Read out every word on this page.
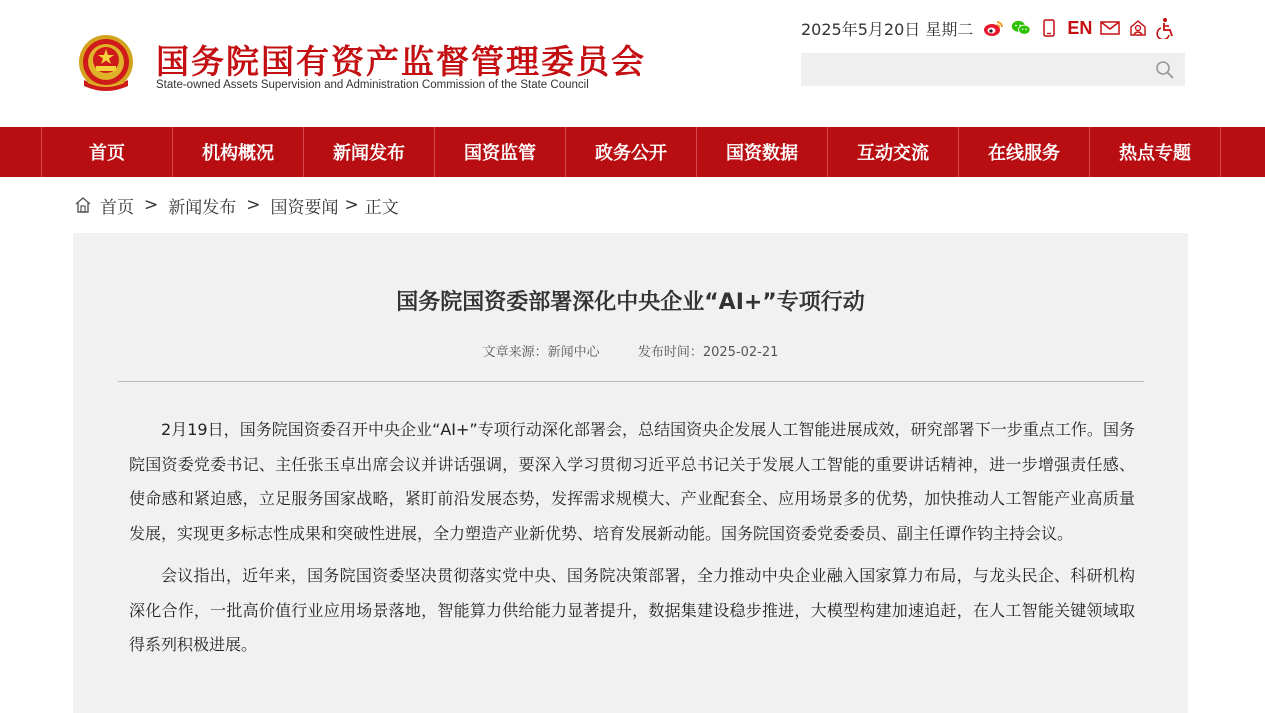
国务院国有资产监督管理委员会
State-owned Assets Supervision and Administration Commission of the State Council
2025年5月20日 星期二	EN
首页	机构概况	新闻发布	国资监管	政务公开	国资数据	互动交流	在线服务	热点专题
首页 > 新闻发布 > 国资要闻 > 正文
国务院国资委部署深化中央企业“AI+”专项行动
文章来源：新闻中心	发布时间：2025-02-21

2月19日，国务院国资委召开中央企业“AI+”专项行动深化部署会，总结国资央企发展人工智能进展成效，研究部署下一步重点工作。国务院国资委党委书记、主任张玉卓出席会议并讲话强调，要深入学习贯彻习近平总书记关于发展人工智能的重要讲话精神，进一步增强责任感、使命感和紧迫感，立足服务国家战略，紧盯前沿发展态势，发挥需求规模大、产业配套全、应用场景多的优势，加快推动人工智能产业高质量发展，实现更多标志性成果和突破性进展，全力塑造产业新优势、培育发展新动能。国务院国资委党委委员、副主任谭作钧主持会议。

会议指出，近年来，国务院国资委坚决贯彻落实党中央、国务院决策部署，全力推动中央企业融入国家算力布局，与龙头民企、科研机构深化合作，一批高价值行业应用场景落地，智能算力供给能力显著提升，数据集建设稳步推进，大模型构建加速追赶，在人工智能关键领域取得系列积极进展。
